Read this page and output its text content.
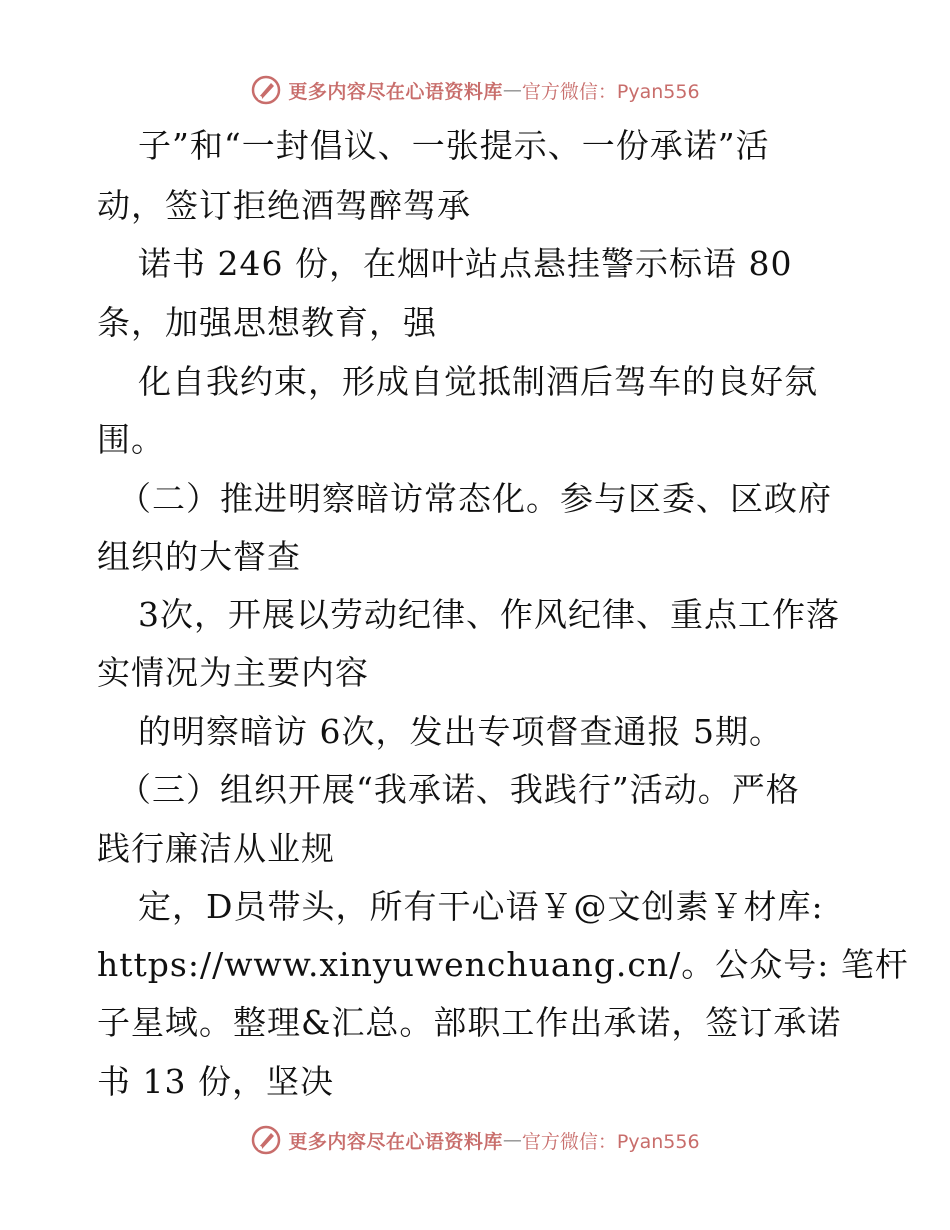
更多内容尽在心语资料库 — 官方微信：Pyan556
子”和“一封倡议、一张提示、一份承诺”活
动，签订拒绝酒驾醉驾承
诺书 246 份，在烟叶站点悬挂警示标语 80
条，加强思想教育，强
化自我约束，形成自觉抵制酒后驾车的良好氛
围。
（二）推进明察暗访常态化。参与区委、区政府
组织的大督查
3次，开展以劳动纪律、作风纪律、重点工作落
实情况为主要内容
的明察暗访 6次，发出专项督查通报 5期。
（三）组织开展“我承诺、我践行”活动。严格
践行廉洁从业规
定，D员带头，所有干心语￥@文创素￥材库:
https://www.xinyuwenchuang.cn/。公众号: 笔杆
子星域。整理&汇总。部职工作出承诺，签订承诺
书 13 份，坚决
更多内容尽在心语资料库 — 官方微信：Pyan556
